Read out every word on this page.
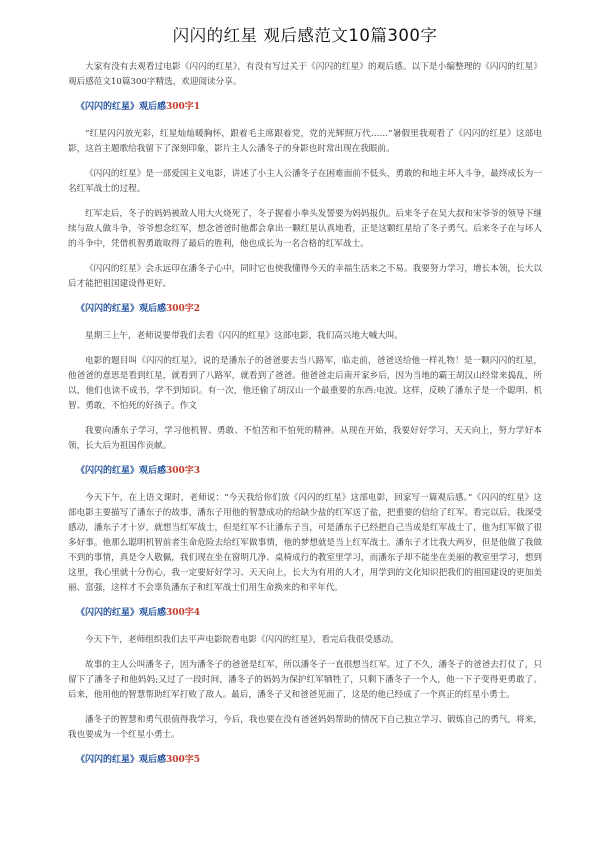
闪闪的红星 观后感范文10篇300字

大家有没有去观看过电影《闪闪的红星》，有没有写过关于《闪闪的红星》的观后感。以下是小编整理的《闪闪的红星》观后感范文10篇300字精选，欢迎阅读分享。

《闪闪的红星》观后感300字1

“红星闪闪放光彩，红星灿灿暖胸怀，跟着毛主席跟着党，党的光辉照万代……”暑假里我观看了《闪闪的红星》这部电影，这首主题歌给我留下了深刻印象，影片主人公潘冬子的身影也时常出现在我眼前。

《闪闪的红星》是一部爱国主义电影，讲述了小主人公潘冬子在困难面前不低头，勇敢的和地主坏人斗争，最终成长为一名红军战士的过程。

红军走后，冬子的妈妈被敌人用大火烧死了，冬子握着小拳头发誓要为妈妈报仇。后来冬子在吴大叔和宋爷爷的领导下继续与敌人做斗争，爷爷想念红军，想念爸爸时他都会拿出一颗红星认真地看，正是这颗红星给了冬子勇气。后来冬子在与坏人的斗争中，凭借机智勇敢取得了最后的胜利，他也成长为一名合格的红军战士。

《闪闪的红星》会永远印在潘冬子心中，同时它也使我懂得今天的幸福生活来之不易。我要努力学习，增长本领，长大以后才能把祖国建设得更好。

《闪闪的红星》观后感300字2

星期三上午，老师说要带我们去看《闪闪的红星》这部电影，我们高兴地大喊大叫。

电影的题目叫《闪闪的红星》，说的是潘东子的爸爸要去当八路军，临走前，爸爸送给他一样礼物！是一颗闪闪的红星，他爸爸的意思是看到红星，就看到了八路军，就看到了爸爸。他爸爸走后南开家乡后，因为当地的霸王胡汉山经常来捣乱，所以，他们也读不成书，学不到知识。有一次，他还偷了胡汉山一个最重要的东西:电波。这样，反映了潘东子是一个聪明、机智、勇敢，不怕死的好孩子。作文

我要向潘东子学习，学习他机智、勇敢、不怕苦和不怕死的精神。从现在开始，我要好好学习，天天向上，努力学好本领，长大后为祖国作贡献。

《闪闪的红星》观后感300字3

今天下午，在上语文课时，老师说：“今天我给你们放《闪闪的红星》这部电影，回家写一篇观后感。”《闪闪的红星》这部电影主要描写了潘东子的故事，潘东子用他的智慧成功的给缺少盐的红军送了盐，把重要的信给了红军。看完以后，我深受感动，潘东子才十岁，就想当红军战士，但是红军不让潘东子当，可是潘东子已经把自己当成是红军战士了，他为红军做了很多好事。他那么聪明机智前者生命危险去给红军做事情，他的梦想就是当上红军战士。潘东子才比我大两岁，但是他做了我做不到的事情，真是令人敬佩，我们现在坐在窗明几净、桌椅成行的教室里学习，而潘东子却不能坐在美丽的教室里学习，想到这里，我心里就十分伤心，我一定要好好学习、天天向上，长大为有用的人才，用学到的文化知识把我们的祖国建设的更加美丽、富强，这样才不会辜负潘东子和红军战士们用生命换来的和平年代。

《闪闪的红星》观后感300字4

今天下午，老师组织我们去平声电影院看电影《闪闪的红星》，看完后我很受感动。

故事的主人公叫潘冬子，因为潘冬子的爸爸是红军，所以潘冬子一直很想当红军。过了不久，潘冬子的爸爸去打仗了，只留下了潘冬子和他妈妈;又过了一段时间，潘冬子的妈妈为保护红军牺牲了，只剩下潘冬子一个人，他一下子变得更勇敢了。后来，他用他的智慧帮助红军打败了敌人。最后，潘冬子又和爸爸见面了，这是的他已经成了一个真正的红星小勇士。

潘冬子的智慧和勇气很值得我学习，今后，我也要在没有爸爸妈妈帮助的情况下自己独立学习、锻炼自己的勇气，将来，我也要成为一个红星小勇士。

《闪闪的红星》观后感300字5
